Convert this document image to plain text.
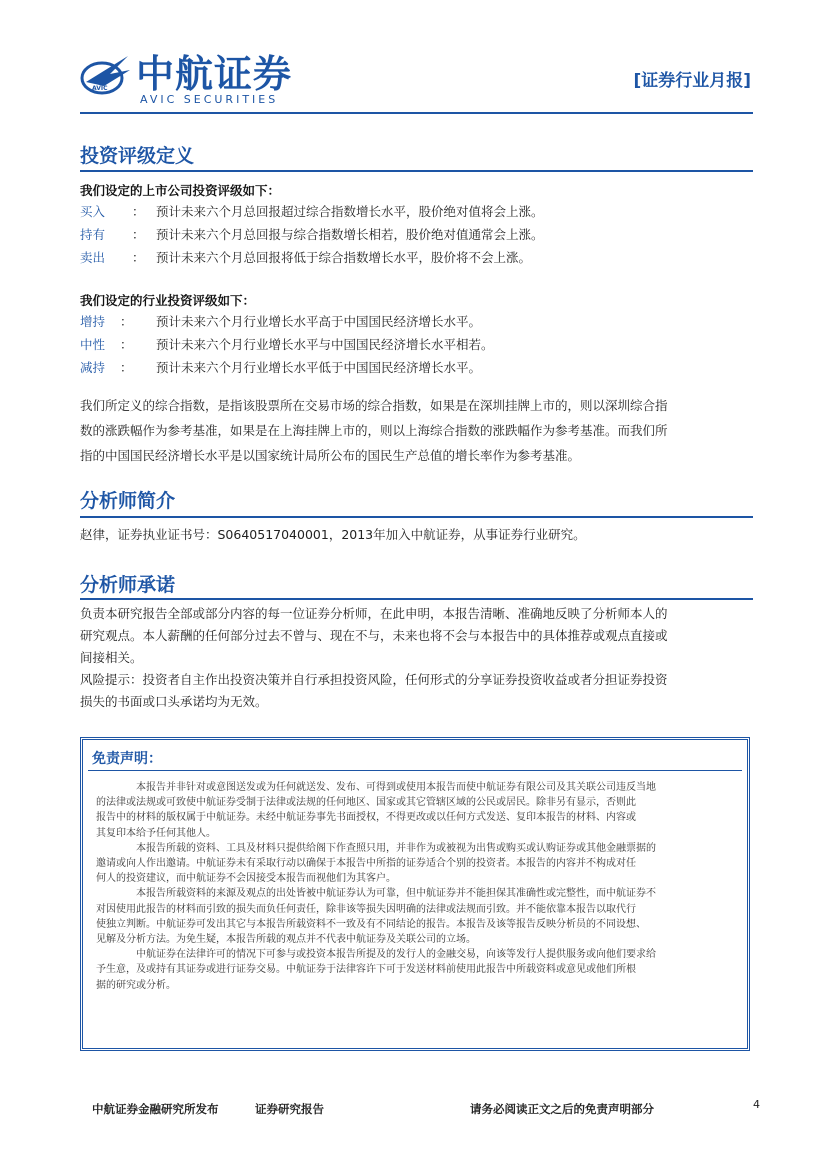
AVIC 中航证券
AVIC SECURITIES
[证券行业月报]
投资评级定义
我们设定的上市公司投资评级如下：
买入 ： 预计未来六个月总回报超过综合指数增长水平，股价绝对值将会上涨。
持有 ： 预计未来六个月总回报与综合指数增长相若，股价绝对值通常会上涨。
卖出 ： 预计未来六个月总回报将低于综合指数增长水平，股价将不会上涨。
我们设定的行业投资评级如下：
增持 ： 预计未来六个月行业增长水平高于中国国民经济增长水平。
中性 ： 预计未来六个月行业增长水平与中国国民经济增长水平相若。
减持 ： 预计未来六个月行业增长水平低于中国国民经济增长水平。
我们所定义的综合指数，是指该股票所在交易市场的综合指数，如果是在深圳挂牌上市的，则以深圳综合指
数的涨跌幅作为参考基准，如果是在上海挂牌上市的，则以上海综合指数的涨跌幅作为参考基准。而我们所
指的中国国民经济增长水平是以国家统计局所公布的国民生产总值的增长率作为参考基准。
分析师简介
赵律，证券执业证书号：S0640517040001，2013年加入中航证券，从事证券行业研究。
分析师承诺
负责本研究报告全部或部分内容的每一位证券分析师，在此申明，本报告清晰、准确地反映了分析师本人的
研究观点。本人薪酬的任何部分过去不曾与、现在不与，未来也将不会与本报告中的具体推荐或观点直接或
间接相关。
风险提示：投资者自主作出投资决策并自行承担投资风险，任何形式的分享证券投资收益或者分担证券投资
损失的书面或口头承诺均为无效。
免责声明：
　　　　本报告并非针对或意图送发或为任何就送发、发布、可得到或使用本报告而使中航证券有限公司及其关联公司违反当地
的法律或法规或可致使中航证券受制于法律或法规的任何地区、国家或其它管辖区域的公民或居民。除非另有显示，否则此
报告中的材料的版权属于中航证券。未经中航证券事先书面授权，不得更改或以任何方式发送、复印本报告的材料、内容或
其复印本给予任何其他人。
　　　　本报告所载的资料、工具及材料只提供给阁下作查照只用，并非作为或被视为出售或购买或认购证券或其他金融票据的
邀请或向人作出邀请。中航证券未有采取行动以确保于本报告中所指的证券适合个别的投资者。本报告的内容并不构成对任
何人的投资建议，而中航证券不会因接受本报告而视他们为其客户。
　　　　本报告所载资料的来源及观点的出处皆被中航证券认为可靠，但中航证券并不能担保其准确性或完整性，而中航证券不
对因使用此报告的材料而引致的损失而负任何责任，除非该等损失因明确的法律或法规而引致。并不能依靠本报告以取代行
使独立判断。中航证券可发出其它与本报告所载资料不一致及有不同结论的报告。本报告及该等报告反映分析员的不同设想、
见解及分析方法。为免生疑，本报告所载的观点并不代表中航证券及关联公司的立场。
　　　　中航证券在法律许可的情况下可参与或投资本报告所提及的发行人的金融交易，向该等发行人提供服务或向他们要求给
予生意，及或持有其证券或进行证券交易。中航证券于法律容许下可于发送材料前使用此报告中所载资料或意见或他们所根
据的研究或分析。
中航证券金融研究所发布	证券研究报告	请务必阅读正文之后的免责声明部分	4
